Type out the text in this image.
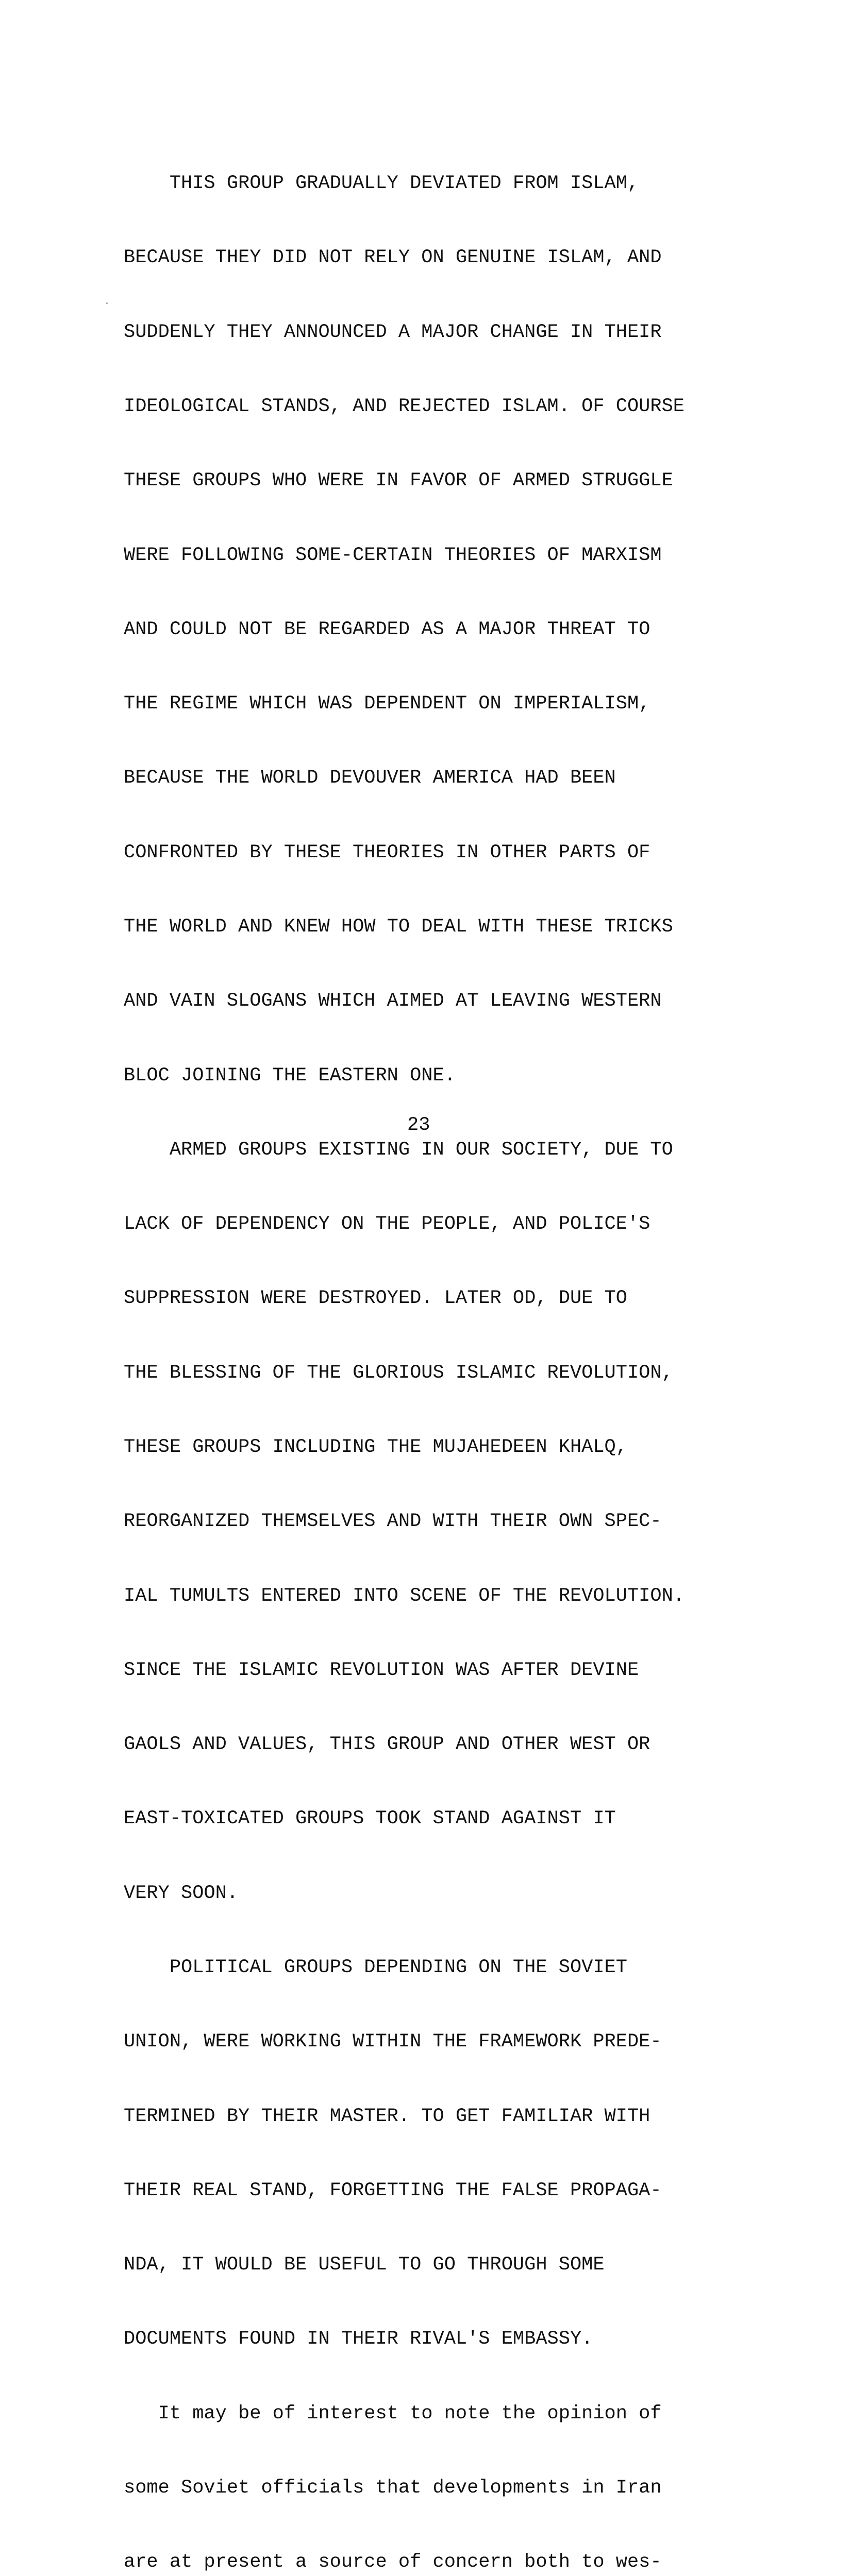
THIS GROUP GRADUALLY DEVIATED FROM ISLAM,

BECAUSE THEY DID NOT RELY ON GENUINE ISLAM, AND

SUDDENLY THEY ANNOUNCED A MAJOR CHANGE IN THEIR

IDEOLOGICAL STANDS, AND REJECTED ISLAM. OF COURSE

THESE GROUPS WHO WERE IN FAVOR OF ARMED STRUGGLE

WERE FOLLOWING SOME-CERTAIN THEORIES OF MARXISM

AND COULD NOT BE REGARDED AS A MAJOR THREAT TO

THE REGIME WHICH WAS DEPENDENT ON IMPERIALISM,

BECAUSE THE WORLD DEVOUVER AMERICA HAD BEEN

CONFRONTED BY THESE THEORIES IN OTHER PARTS OF

THE WORLD AND KNEW HOW TO DEAL WITH THESE TRICKS

AND VAIN SLOGANS WHICH AIMED AT LEAVING WESTERN

BLOC JOINING THE EASTERN ONE.

ARMED GROUPS EXISTING IN OUR SOCIETY, DUE TO

LACK OF DEPENDENCY ON THE PEOPLE, AND POLICE'S

SUPPRESSION WERE DESTROYED. LATER OD, DUE TO

THE BLESSING OF THE GLORIOUS ISLAMIC REVOLUTION,

THESE GROUPS INCLUDING THE MUJAHEDEEN KHALQ,

REORGANIZED THEMSELVES AND WITH THEIR OWN SPEC-

IAL TUMULTS ENTERED INTO SCENE OF THE REVOLUTION.

SINCE THE ISLAMIC REVOLUTION WAS AFTER DEVINE

GAOLS AND VALUES, THIS GROUP AND OTHER WEST OR

EAST-TOXICATED GROUPS TOOK STAND AGAINST IT

VERY SOON.

POLITICAL GROUPS DEPENDING ON THE SOVIET

UNION, WERE WORKING WITHIN THE FRAMEWORK PREDE-

TERMINED BY THEIR MASTER. TO GET FAMILIAR WITH

THEIR REAL STAND, FORGETTING THE FALSE PROPAGA-

NDA, IT WOULD BE USEFUL TO GO THROUGH SOME

DOCUMENTS FOUND IN THEIR RIVAL'S EMBASSY.

It may be of interest to note the opinion of

some Soviet officials that developments in Iran

are at present a source of concern both to wes-

23
